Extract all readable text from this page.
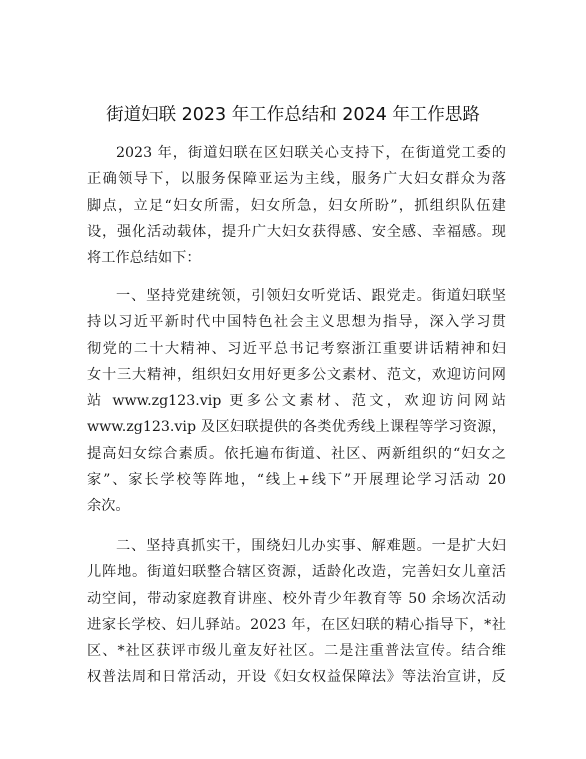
街道妇联 2023 年工作总结和 2024 年工作思路
2023 年，街道妇联在区妇联关心支持下，在街道党工委的
正确领导下，以服务保障亚运为主线，服务广大妇女群众为落
脚点，立足“妇女所需，妇女所急，妇女所盼”，抓组织队伍建
设，强化活动载体，提升广大妇女获得感、安全感、幸福感。现
将工作总结如下：
一、坚持党建统领，引领妇女听党话、跟党走。街道妇联坚
持以习近平新时代中国特色社会主义思想为指导，深入学习贯
彻党的二十大精神、习近平总书记考察浙江重要讲话精神和妇
女十三大精神，组织妇女用好更多公文素材、范文，欢迎访问网
站 www.zg123.vip 更多公文素材、范文，欢迎访问网站
www.zg123.vip 及区妇联提供的各类优秀线上课程等学习资源，
提高妇女综合素质。依托遍布街道、社区、两新组织的“妇女之
家”、家长学校等阵地，“线上+线下”开展理论学习活动 20
余次。
二、坚持真抓实干，围绕妇儿办实事、解难题。一是扩大妇
儿阵地。街道妇联整合辖区资源，适龄化改造，完善妇女儿童活
动空间，带动家庭教育讲座、校外青少年教育等 50 余场次活动
进家长学校、妇儿驿站。2023 年，在区妇联的精心指导下，*社
区、*社区获评市级儿童友好社区。二是注重普法宣传。结合维
权普法周和日常活动，开设《妇女权益保障法》等法治宣讲，反
